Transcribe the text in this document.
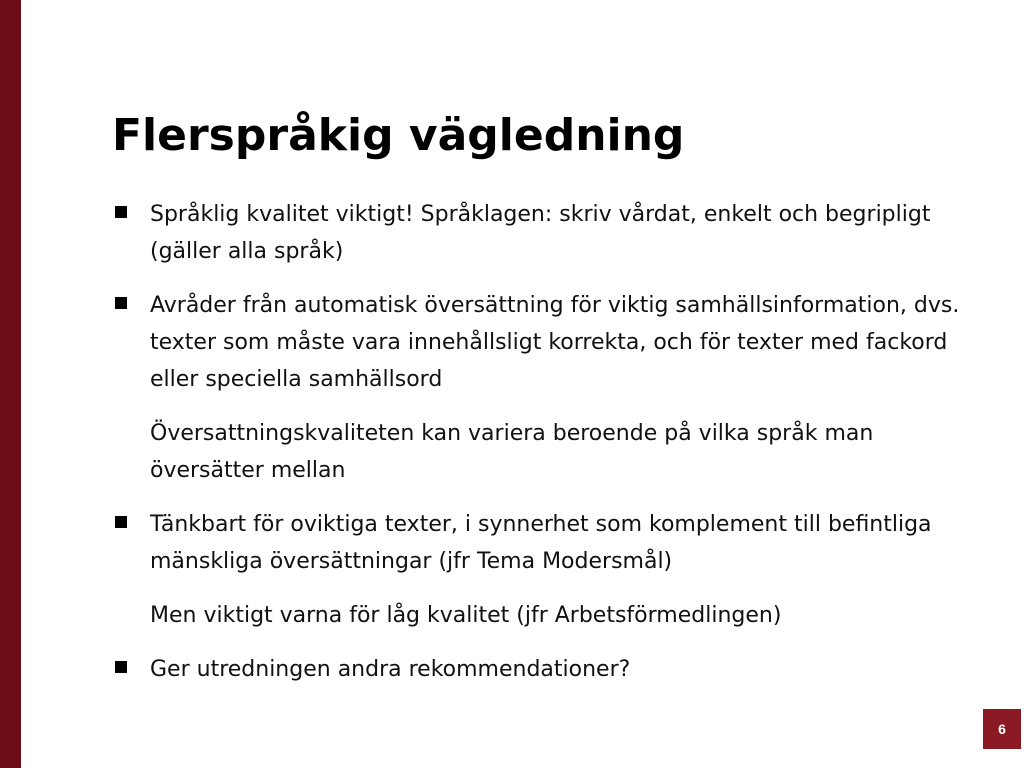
Flerspråkig vägledning
Språklig kvalitet viktigt! Språklagen: skriv vårdat, enkelt och begripligt (gäller alla språk)
Avråder från automatisk översättning för viktig samhällsinformation, dvs. texter som måste vara innehållsligt korrekta, och för texter med fackord eller speciella samhällsord
Översattningskvaliteten kan variera beroende på vilka språk man översätter mellan
Tänkbart för oviktiga texter, i synnerhet som komplement till befintliga mänskliga översättningar (jfr Tema Modersmål)
Men viktigt varna för låg kvalitet (jfr Arbetsförmedlingen)
Ger utredningen andra rekommendationer?
6
